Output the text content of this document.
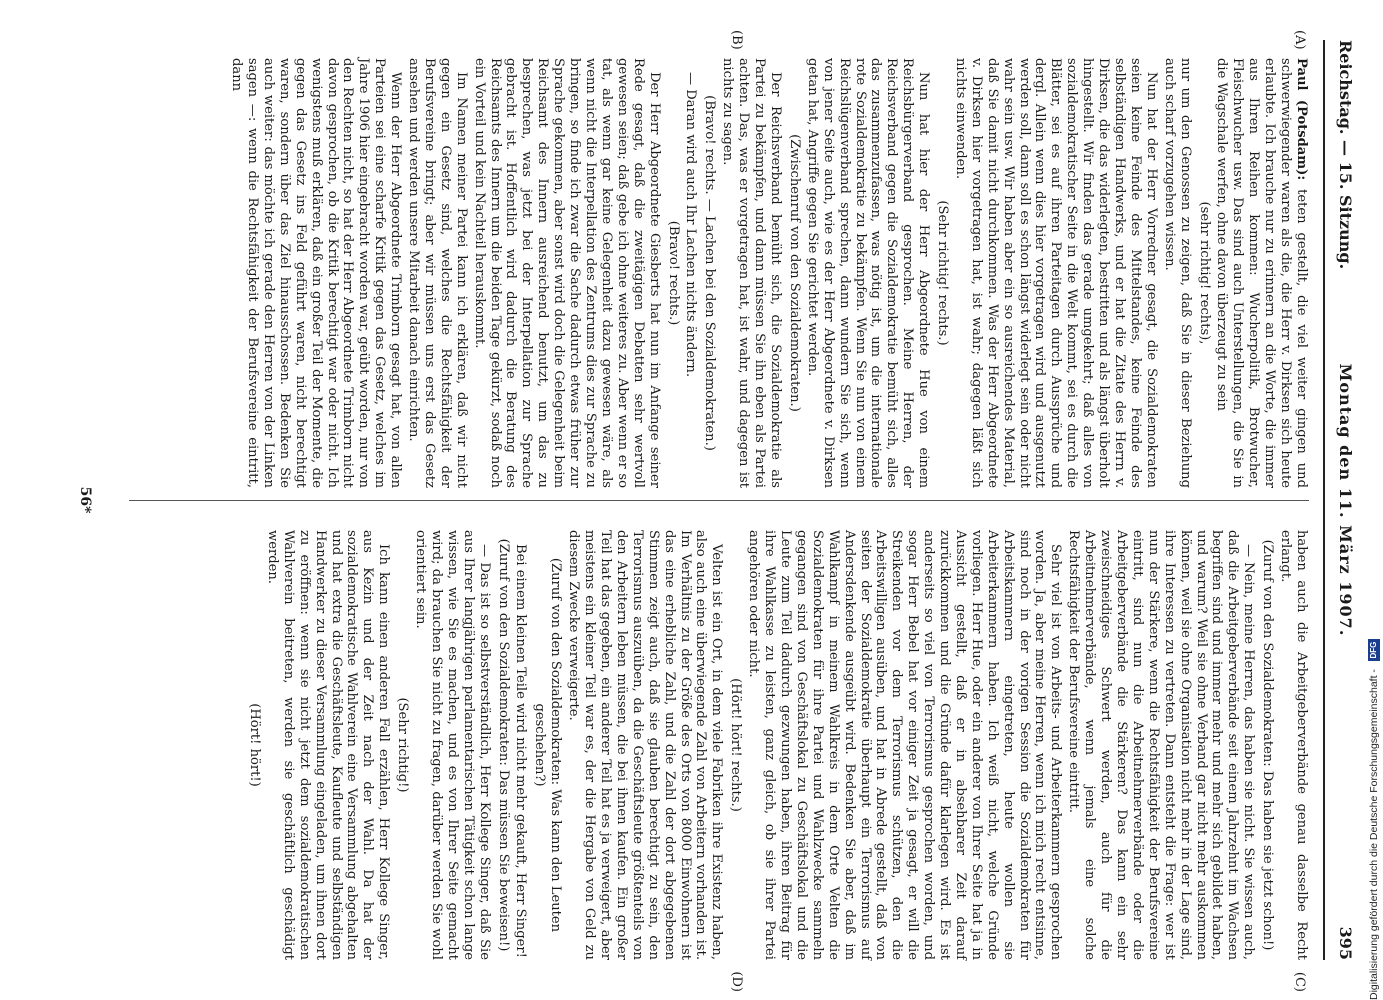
Reichstag. — 15. Sitzung.
Montag den 11. März 1907.
395
(A)
(B)

Paul (Potsdam): teten gestellt, die viel weiter gingen und schwerwiegender waren als die, die Herr v. Dirksen sich heute erlaubte. Ich brauche nur zu erinnern an die Worte, die immer aus Ihren Reihen kommen: Wucherpolitik, Brotwucher, Fleischwucher usw. Das sind auch Unterstellungen, die Sie in die Wagschale werfen, ohne davon überzeugt zu sein

(sehr richtig! rechts),

nur um den Genossen zu zeigen, daß Sie in dieser Beziehung auch scharf vorzugehen wissen.

Nun hat der Herr Vorredner gesagt, die Sozialdemokraten seien keine Feinde des Mittelstandes, keine Feinde des selbständigen Handwerks, und er hat die Zitate des Herrn v. Dirksen, die das widerlegten, bestritten und als längst überholt hingestellt. Wir finden das gerade umgekehrt; daß alles von sozialdemokratischer Seite in die Welt kommt, sei es durch die Blätter, sei es auf ihren Parteitagen durch Aussprüche und dergl. Allein wenn dies hier vorgetragen wird und ausgenutzt werden soll, dann soll es schon längst widerlegt sein oder nicht wahr sein usw. Wir haben aber ein so ausreichendes Material, daß Sie damit nicht durchkommen. Was der Herr Abgeordnete v. Dirksen hier vorgetragen hat, ist wahr; dagegen läßt sich nichts einwenden.

(Sehr richtig! rechts.)

Nun hat hier der Herr Abgeordnete Hue von einem Reichsbürgerverband gesprochen. Meine Herren, der Reichsverband gegen die Sozialdemokratie bemüht sich, alles das zusammenzufassen, was nötig ist, um die internationale rote Sozialdemokratie zu bekämpfen. Wenn Sie nun von einem Reichslügenverband sprechen, dann wundern Sie sich, wenn von jener Seite auch, wie es der Herr Abgeordnete v. Dirksen getan hat, Angriffe gegen Sie gerichtet werden.

(Zwischenruf von den Sozialdemokraten.)

Der Reichsverband bemüht sich, die Sozialdemokratie als Partei zu bekämpfen, und dann müssen Sie ihn eben als Partei achten. Das, was er vorgetragen hat, ist wahr, und dagegen ist nichts zu sagen.

(Bravo! rechts. — Lachen bei den Sozialdemokraten.)

— Daran wird auch Ihr Lachen nichts ändern.

(Bravo! rechts.)

Der Herr Abgeordnete Giesberts hat nun im Anfange seiner Rede gesagt, daß die zweitägigen Debatten sehr wertvoll gewesen seien; daß gebe ich ohne weiteres zu. Aber wenn er so tat, als wenn gar keine Gelegenheit dazu gewesen wäre, als wenn nicht die Interpellation des Zentrums dies zur Sprache zu bringen, so finde ich zwar die Sache dadurch etwas früher zur Sprache gekommen, aber sonst wird doch die Gelegenheit beim Reichsamt des Innern ausreichend benutzt, um das zu besprechen, was jetzt bei der Interpellation zur Sprache gebracht ist. Hoffentlich wird dadurch die Beratung des Reichsamts des Innern um die beiden Tage gekürzt, sodaß noch ein Vorteil und kein Nachteil herauskommt.

Im Namen meiner Partei kann ich erklären, daß wir nicht gegen ein Gesetz sind, welches die Rechtsfähigkeit der Berufsvereine bringt; aber wir müssen uns erst das Gesetz ansehen und werden unsere Mitarbeit danach einrichten.

Wenn der Herr Abgeordnete Trimborn gesagt hat, von allen Parteien sei eine scharfe Kritik gegen das Gesetz, welches im Jahre 1906 hier eingebracht worden war, geübt worden, nur von den Rechten nicht, so hat der Herr Abgeordnete Trimborn nicht davon gesprochen, ob die Kritik berechtigt war oder nicht. Ich wenigstens muß erklären, daß ein großer Teil der Momente, die gegen das Gesetz ins Feld geführt waren, nicht berechtigt waren, sondern über das Ziel hinausschossen. Bedenken Sie auch weiter: das möchte ich gerade den Herren von der Linken sagen —: wenn die Rechtsfähigkeit der Berufsvereine eintritt, dann

(C)
(D)

haben auch die Arbeitgeberverbände genau dasselbe Recht erlangt.

(Zuruf von den Sozialdemokraten: Das haben sie jetzt schon!)

— Nein, meine Herren, das haben sie nicht. Sie wissen auch, daß die Arbeitgeberverbände seit einem Jahrzehnt im Wachsen begriffen sind und immer mehr und mehr sich gebildet haben, und warum? Weil sie ohne Verband gar nicht mehr auskommen können, weil sie ohne Organisation nicht mehr in der Lage sind, ihre Interessen zu vertreten. Dann entsteht die Frage: wer ist nun der Stärkere, wenn die Rechtsfähigkeit der Berufsvereine eintritt, sind nun die Arbeitnehmerverbände oder die Arbeitgeberverbände die Stärkeren? Das kann ein sehr zweischneidiges Schwert werden, auch für die Arbeitnehmerverbände, wenn jemals eine solche Rechtsfähigkeit der Berufsvereine eintritt.

Sehr viel ist von Arbeits- und Arbeiterkammern gesprochen worden. Ja, aber meine Herren, wenn ich mich recht entsinne, sind noch in der vorigen Session die Sozialdemokraten für Arbeitskammern eingetreten, heute wollen sie Arbeiterkammern haben. Ich weiß nicht, welche Gründe vorliegen. Herr Hue, oder ein anderer von Ihrer Seite hat ja in Aussicht gestellt, daß er in absehbarer Zeit darauf zurückkommen und die Gründe dafür klarlegen wird. Es ist anderseits so viel von Terrorismus gesprochen worden, und sogar Herr Bebel hat vor einiger Zeit ja gesagt, er will die Streikenden vor dem Terrorismus schützen, den die Arbeitswilligen ausüben, und hat in Abrede gestellt, daß von seiten der Sozialdemokratie überhaupt ein Terrorismus auf Andersdenkende ausgeübt wird. Bedenken Sie aber, daß im Wahlkampf in meinem Wahlkreis in dem Orte Velten die Sozialdemokraten für ihre Partei und Wahlzwecke sammeln gegangen sind von Geschäftslokal zu Geschäftslokal und die Leute zum Teil dadurch gezwungen haben, ihren Beitrag für ihre Wahlkasse zu leisten, ganz gleich, ob sie ihrer Partei angehören oder nicht.

(Hört! hört! rechts.)

Velten ist ein Ort, in dem viele Fabriken ihre Existenz haben, also auch eine überwiegende Zahl von Arbeitern vorhanden ist. Im Verhältnis zu der Größe des Orts von 8000 Einwohnern ist das eine erhebliche Zahl, und die Zahl der dort abgegebenen Stimmen zeigt auch, daß sie glauben berechtigt zu sein, den Terrorismus auszuüben, da die Geschäftsleute größtenteils von den Arbeitern leben müssen, die bei ihnen kaufen. Ein großer Teil hat das gegeben, ein anderer Teil hat es ja verweigert, aber meistens ein kleiner Teil war es, der die Hergabe von Geld zu diesem Zwecke verweigerte.

(Zuruf von den Sozialdemokraten: Was kann den Leuten geschehen?)

Bei einem kleinen Teile wird nicht mehr gekauft, Herr Singer!

(Zuruf von den Sozialdemokraten: Das müssen Sie beweisen!)

— Das ist so selbstverständlich, Herr Kollege Singer, daß Sie aus Ihrer langjährigen parlamentarischen Tätigkeit schon lange wissen, wie Sie es machen, und es von Ihrer Seite gemacht wird; da brauchen Sie nicht zu fragen, darüber werden Sie wohl orientiert sein.

(Sehr richtig!)

Ich kann einen anderen Fall erzählen, Herr Kollege Singer, aus Kezin und der Zeit nach der Wahl. Da hat der sozialdemokratische Wahlverein eine Versammlung abgehalten und hat extra die Geschäftsleute, Kaufleute und selbständigen Handwerker zu dieser Versammlung eingeladen, um ihnen dort zu eröffnen: wenn sie nicht jetzt dem sozialdemokratischen Wahlverein beitreten, werden sie geschäftlich geschädigt werden.

(Hört! hört!)

56*
Digitalisierung gefördert durch die Deutsche Forschungsgemeinschaft -
DFG
